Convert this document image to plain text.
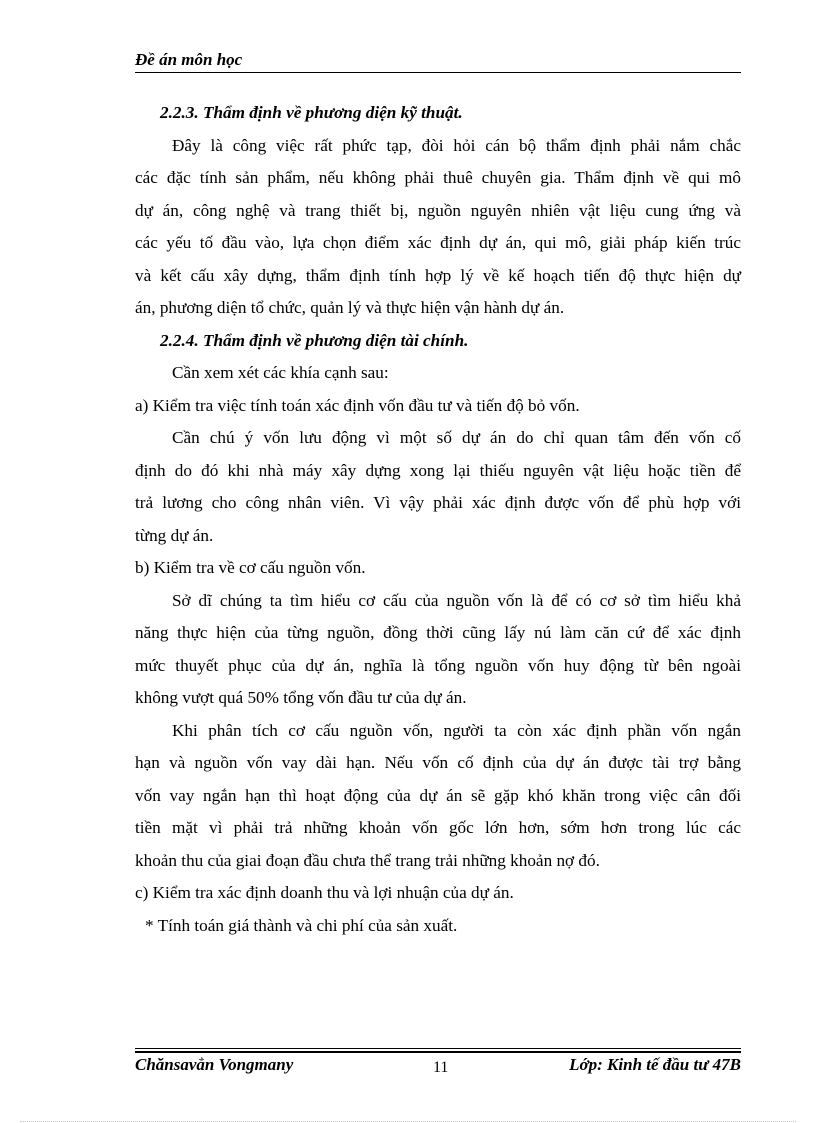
Đề án môn học
2.2.3. Thẩm định về phương diện kỹ thuật.
Đây là công việc rất phức tạp, đòi hỏi cán bộ thẩm định phải nắm chắc
các đặc tính sản phẩm, nếu không phải thuê chuyên gia. Thẩm định về qui mô
dự án, công nghệ và trang thiết bị, nguồn nguyên nhiên vật liệu cung ứng và
các yếu tố đầu vào, lựa chọn điểm xác định dự án, qui mô, giải pháp kiến trúc
và kết cấu xây dựng, thẩm định tính hợp lý về kế hoạch tiến độ thực hiện dự
án, phương diện tổ chức, quản lý và thực hiện vận hành dự án.
2.2.4. Thẩm định về phương diện tài chính.
Cần xem xét các khía cạnh sau:
a) Kiểm tra việc tính toán xác định vốn đầu tư và tiến độ bỏ vốn.
Cần chú ý vốn lưu động vì một số dự án do chỉ quan tâm đến vốn cố
định do đó khi nhà máy xây dựng xong lại thiếu nguyên vật liệu hoặc tiền để
trả lương cho công nhân viên. Vì vậy phải xác định được vốn để phù hợp với
từng dự án.
b) Kiểm tra về cơ cấu nguồn vốn.
Sở dĩ chúng ta tìm hiểu cơ cấu của nguồn vốn là để có cơ sở tìm hiểu khả
năng thực hiện của từng nguồn, đồng thời cũng lấy nú làm căn cứ để xác định
mức thuyết phục của dự án, nghĩa là tổng nguồn vốn huy động từ bên ngoài
không vượt quá 50% tổng vốn đầu tư của dự án.
Khi phân tích cơ cấu nguồn vốn, người ta còn xác định phần vốn ngắn
hạn và nguồn vốn vay dài hạn. Nếu vốn cố định của dự án được tài trợ bằng
vốn vay ngắn hạn thì hoạt động của dự án sẽ gặp khó khăn trong việc cân đối
tiền mặt vì phải trả những khoản vốn gốc lớn hơn, sớm hơn trong lúc các
khoản thu của giai đoạn đầu chưa thể trang trải những khoản nợ đó.
c) Kiểm tra xác định doanh thu và lợi nhuận của dự án.
* Tính toán giá thành và chi phí của sản xuất.
Chănsavẳn Vongmany	11	Lớp: Kinh tế đầu tư 47B
